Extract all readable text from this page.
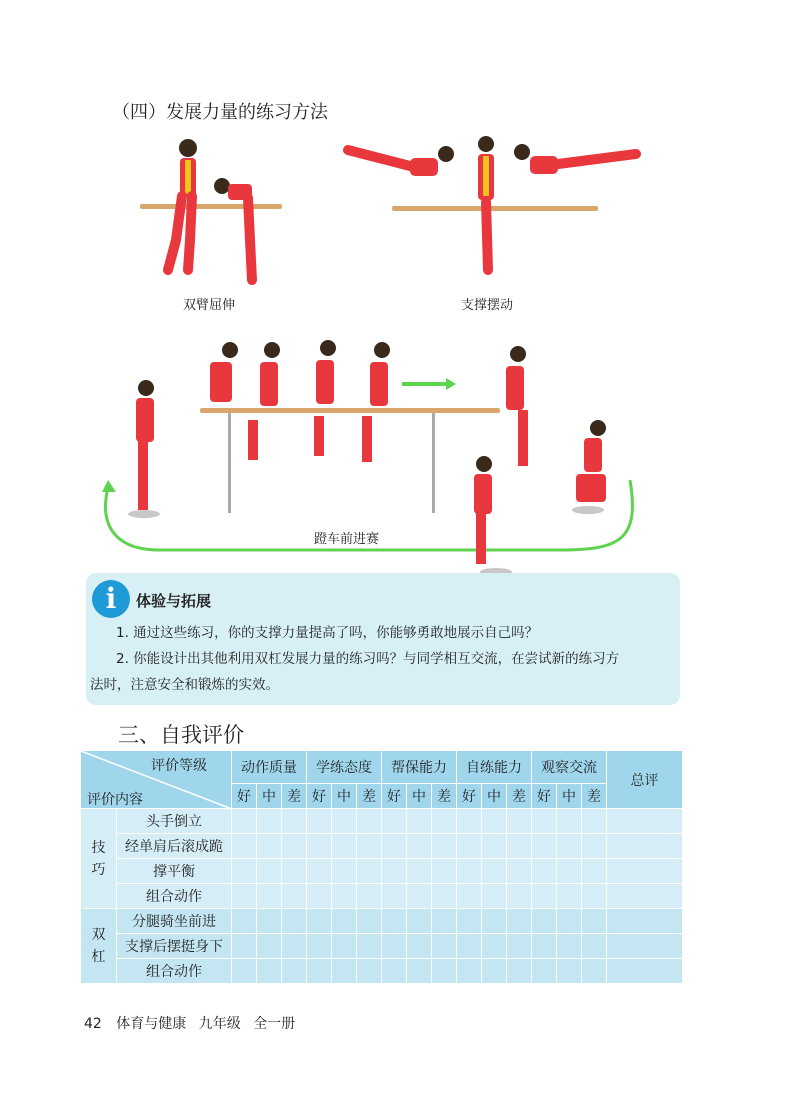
（四）发展力量的练习方法
双臂屈伸	支撑摆动
蹬车前进赛
i	体验与拓展
1. 通过这些练习，你的支撑力量提高了吗，你能够勇敢地展示自己吗？
2. 你能设计出其他利用双杠发展力量的练习吗？与同学相互交流，在尝试新的练习方
法时，注意安全和锻炼的实效。
三、自我评价
评价等级
评价内容		动作质量			学练态度			帮保能力			自练能力			观察交流			总评
		好	中	差	好	中	差	好	中	差	好	中	差	好	中	差	

技
巧	头手倒立																
	经单肩后滚成跪																
	撑平衡																
	组合动作																

双
杠	分腿骑坐前进																
	支撑后摆挺身下																
	组合动作																
42 体育与健康 九年级 全一册
